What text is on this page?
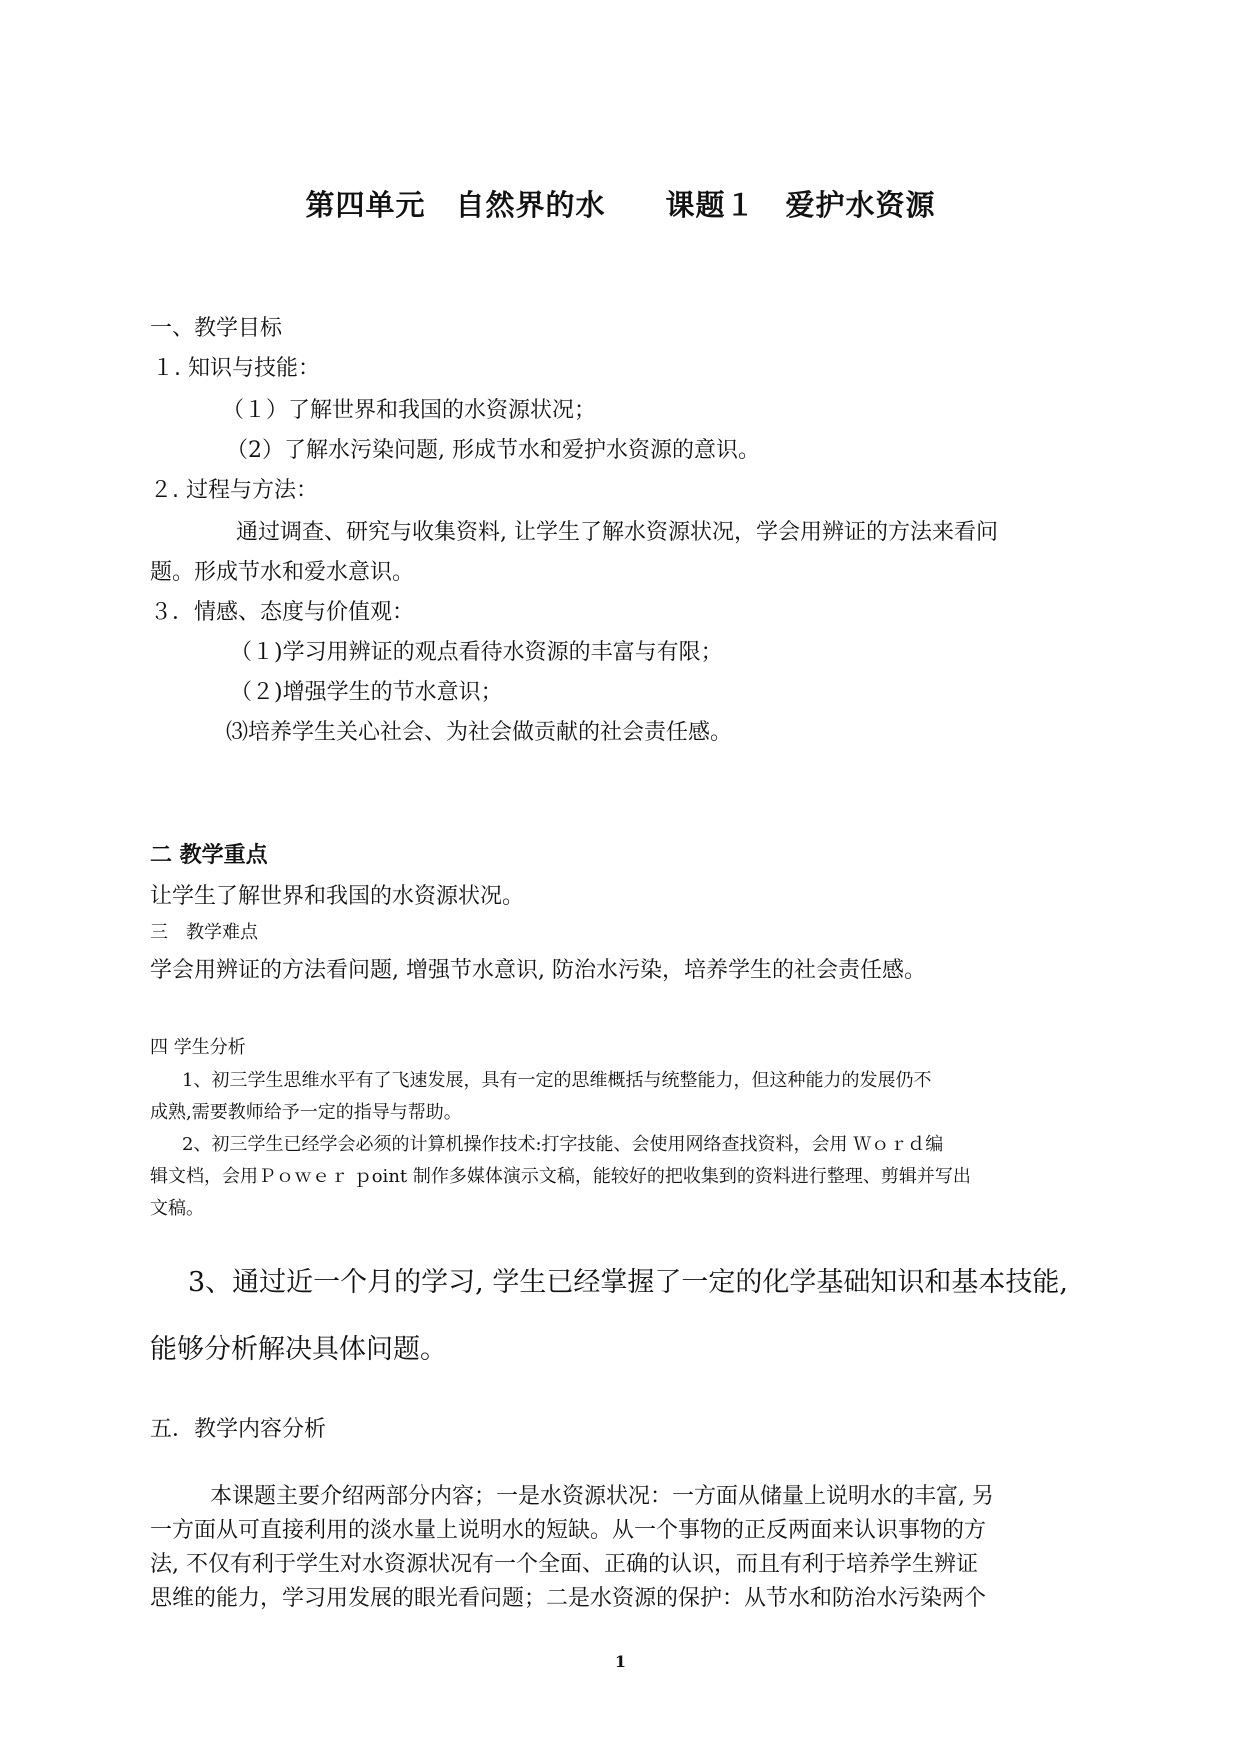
第四单元　自然界的水　　课题１　爱护水资源
一、教学目标
１. 知识与技能：
（１）了解世界和我国的水资源状况；
（2）了解水污染问题, 形成节水和爱护水资源的意识。
２. 过程与方法：
通过调查、研究与收集资料, 让学生了解水资源状况，学会用辨证的方法来看问
题。形成节水和爱水意识。
３．情感、态度与价值观：
（１)学习用辨证的观点看待水资源的丰富与有限；
（２)增强学生的节水意识；
⑶培养学生关心社会、为社会做贡献的社会责任感。
二 教学重点
让学生了解世界和我国的水资源状况。
三　教学难点
学会用辨证的方法看问题, 增强节水意识, 防治水污染，培养学生的社会责任感。
四 学生分析
1、初三学生思维水平有了飞速发展，具有一定的思维概括与统整能力，但这种能力的发展仍不
成熟,需要教师给予一定的指导与帮助。
2、初三学生已经学会必须的计算机操作技术:打字技能、会使用网络查找资料，会用 Ｗｏｒｄ编
辑文档，会用Ｐｏｗｅｒ ｐoint 制作多媒体演示文稿，能较好的把收集到的资料进行整理、剪辑并写出
文稿。
3、通过近一个月的学习, 学生已经掌握了一定的化学基础知识和基本技能,
能够分析解决具体问题。
五．教学内容分析
本课题主要介绍两部分内容；一是水资源状况：一方面从储量上说明水的丰富, 另
一方面从可直接利用的淡水量上说明水的短缺。从一个事物的正反两面来认识事物的方
法, 不仅有利于学生对水资源状况有一个全面、正确的认识，而且有利于培养学生辨证
思维的能力，学习用发展的眼光看问题；二是水资源的保护：从节水和防治水污染两个
1
